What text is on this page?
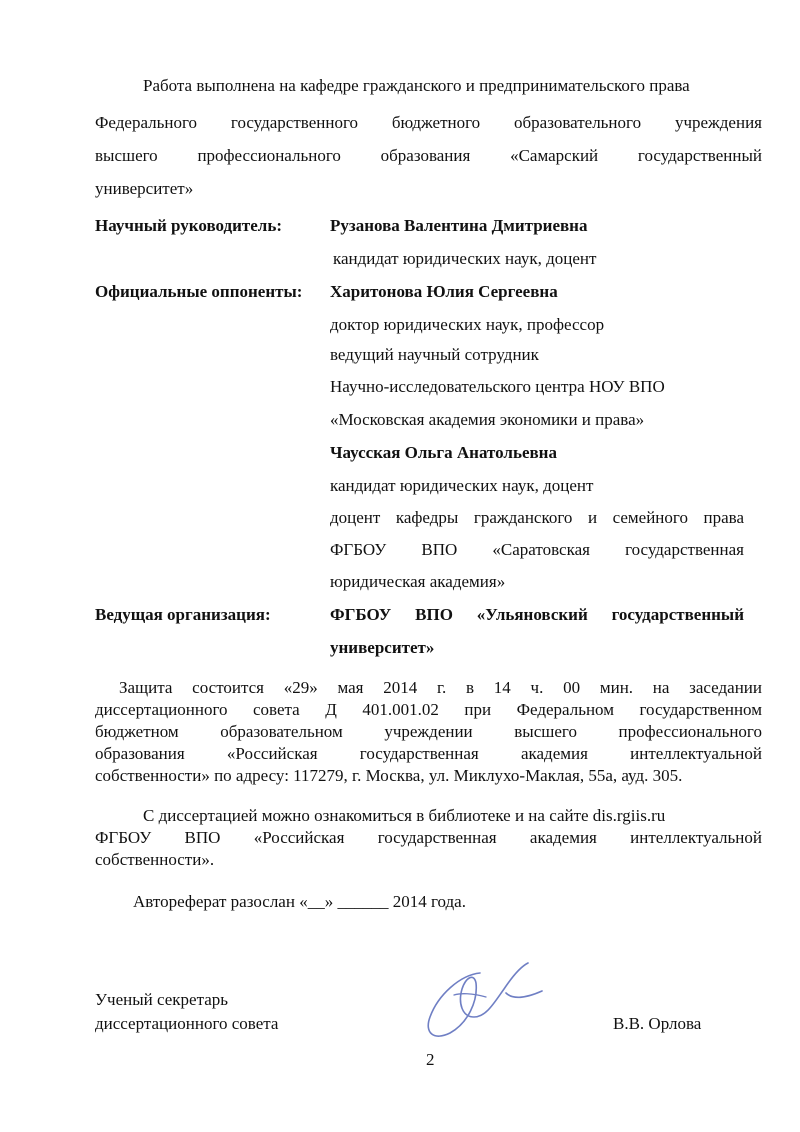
Работа выполнена на кафедре гражданского и предпринимательского права
Федерального государственного бюджетного образовательного учреждения
высшего профессионального образования «Самарский государственный
университет»
Научный руководитель:	Рузанова Валентина Дмитриевна
кандидат юридических наук, доцент
Официальные оппоненты: Харитонова Юлия Сергеевна
доктор юридических наук, профессор
ведущий научный сотрудник
Научно-исследовательского центра НОУ ВПО
«Московская академия экономики и права»
Чаусская Ольга Анатольевна
кандидат юридических наук, доцент
доцент кафедры гражданского и семейного права
ФГБОУ ВПО «Саратовская государственная
юридическая академия»
Ведущая организация:	ФГБОУ ВПО «Ульяновский государственный
университет»
Защита состоится «29» мая 2014 г. в 14 ч. 00 мин. на заседании
диссертационного совета Д 401.001.02 при Федеральном государственном
бюджетном образовательном учреждении высшего профессионального
образования «Российская государственная академия интеллектуальной
собственности» по адресу: 117279, г. Москва, ул. Миклухо-Маклая, 55а, ауд. 305.
С диссертацией можно ознакомиться в библиотеке и на сайте dis.rgiis.ru
ФГБОУ ВПО «Российская государственная академия интеллектуальной
собственности».
Автореферат разослан «__» ______ 2014 года.
Ученый секретарь
диссертационного совета	В.В. Орлова
2
